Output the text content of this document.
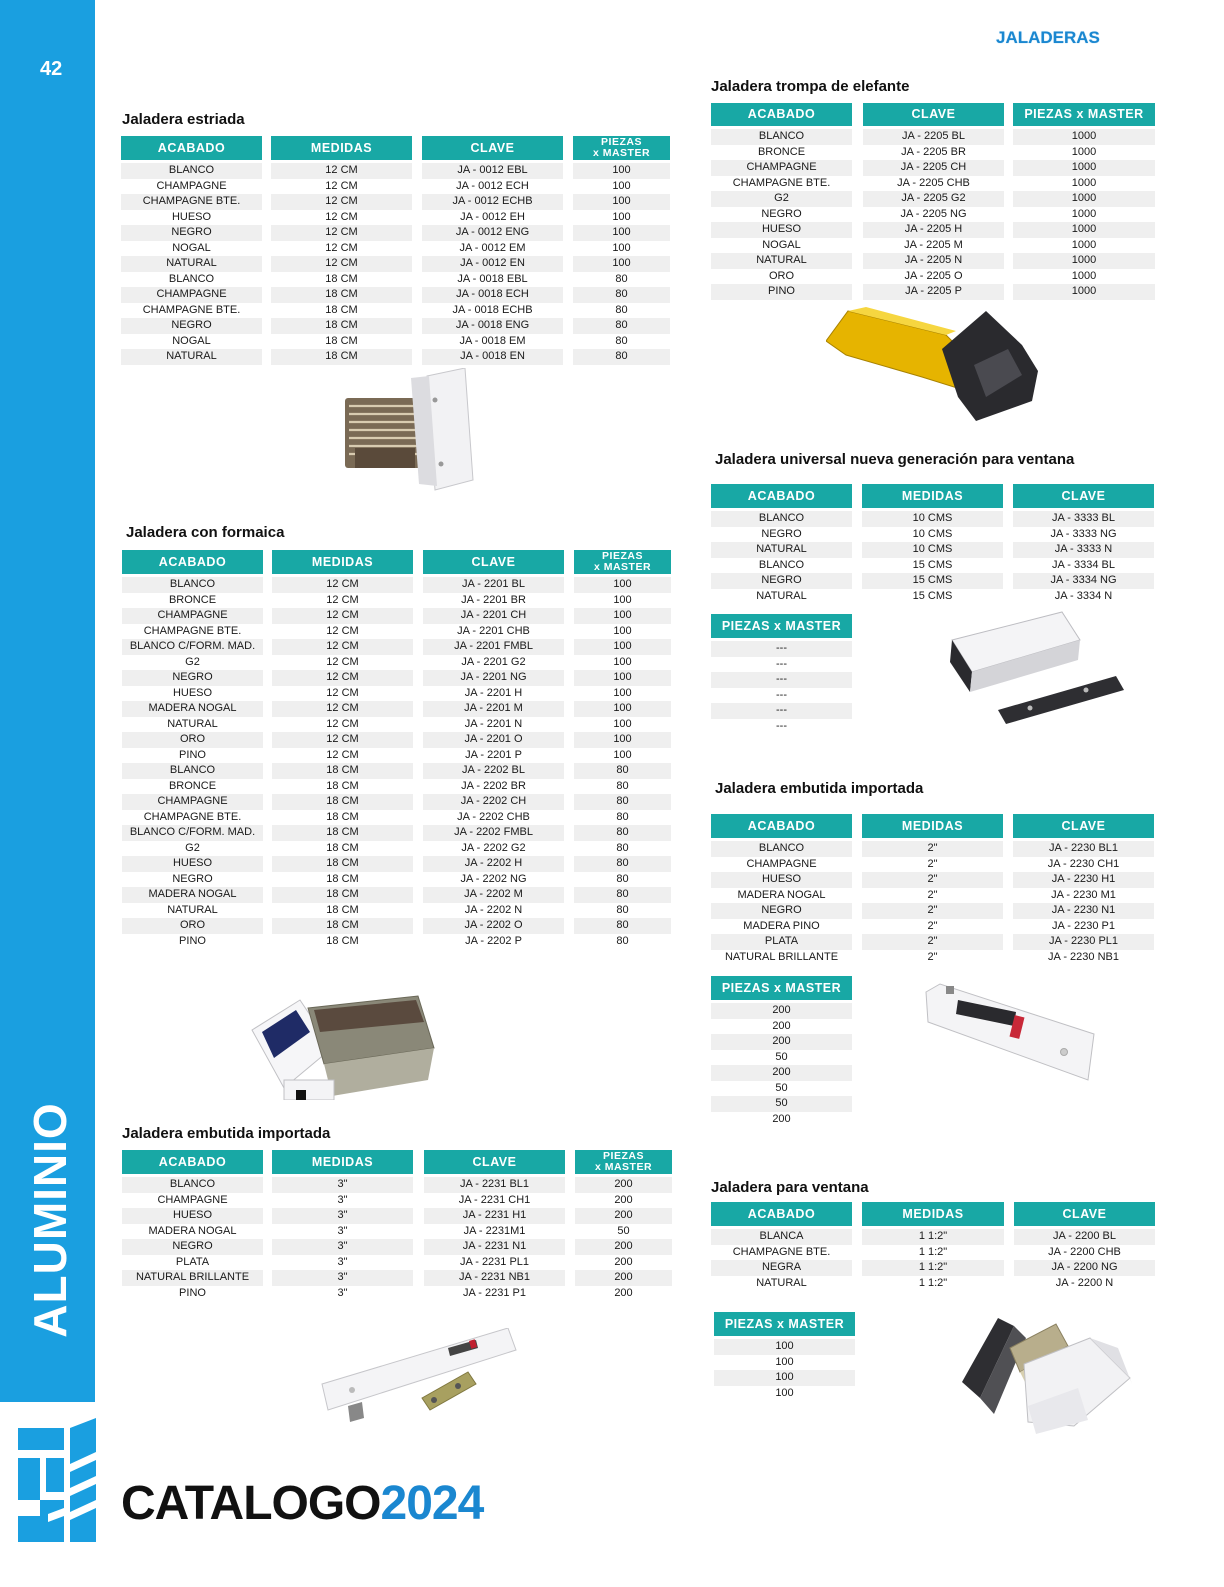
42
ALUMINIO
CATALOGO2024
JALADERAS
Jaladera estriada
ACABADO
BLANCO
CHAMPAGNE
CHAMPAGNE BTE.
HUESO
NEGRO
NOGAL
NATURAL
BLANCO
CHAMPAGNE
CHAMPAGNE BTE.
NEGRO
NOGAL
NATURAL
MEDIDAS
12 CM
12 CM
12 CM
12 CM
12 CM
12 CM
12 CM
18 CM
18 CM
18 CM
18 CM
18 CM
18 CM
CLAVE
JA - 0012 EBL
JA - 0012 ECH
JA - 0012 ECHB
JA - 0012 EH
JA - 0012 ENG
JA - 0012 EM
JA - 0012 EN
JA - 0018 EBL
JA - 0018 ECH
JA - 0018 ECHB
JA - 0018 ENG
JA - 0018 EM
JA - 0018 EN
PIEZAS
x MASTER
100
100
100
100
100
100
100
80
80
80
80
80
80
Jaladera con formaica
ACABADO
BLANCO
BRONCE
CHAMPAGNE
CHAMPAGNE BTE.
BLANCO C/FORM. MAD.
G2
NEGRO
HUESO
MADERA NOGAL
NATURAL
ORO
PINO
BLANCO
BRONCE
CHAMPAGNE
CHAMPAGNE BTE.
BLANCO C/FORM. MAD.
G2
HUESO
NEGRO
MADERA NOGAL
NATURAL
ORO
PINO
MEDIDAS
12 CM
12 CM
12 CM
12 CM
12 CM
12 CM
12 CM
12 CM
12 CM
12 CM
12 CM
12 CM
18 CM
18 CM
18 CM
18 CM
18 CM
18 CM
18 CM
18 CM
18 CM
18 CM
18 CM
18 CM
CLAVE
JA - 2201 BL
JA - 2201 BR
JA - 2201 CH
JA - 2201 CHB
JA - 2201 FMBL
JA - 2201 G2
JA - 2201 NG
JA - 2201 H
JA - 2201 M
JA - 2201 N
JA - 2201 O
JA - 2201 P
JA - 2202 BL
JA - 2202 BR
JA - 2202 CH
JA - 2202 CHB
JA - 2202 FMBL
JA - 2202 G2
JA - 2202 H
JA - 2202 NG
JA - 2202 M
JA - 2202 N
JA - 2202 O
JA - 2202 P
PIEZAS
x MASTER
100
100
100
100
100
100
100
100
100
100
100
100
80
80
80
80
80
80
80
80
80
80
80
80
Jaladera embutida importada
ACABADO
BLANCO
CHAMPAGNE
HUESO
MADERA NOGAL
NEGRO
PLATA
NATURAL BRILLANTE
PINO
MEDIDAS
3"
3"
3"
3"
3"
3"
3"
3"
CLAVE
JA - 2231 BL1
JA - 2231 CH1
JA - 2231 H1
JA - 2231M1
JA - 2231 N1
JA - 2231 PL1
JA - 2231 NB1
JA - 2231 P1
PIEZAS
x MASTER
200
200
200
50
200
200
200
200
Jaladera trompa de elefante
ACABADO
BLANCO
BRONCE
CHAMPAGNE
CHAMPAGNE BTE.
G2
NEGRO
HUESO
NOGAL
NATURAL
ORO
PINO
CLAVE
JA - 2205 BL
JA - 2205 BR
JA - 2205 CH
JA - 2205 CHB
JA - 2205 G2
JA - 2205 NG
JA - 2205 H
JA - 2205 M
JA - 2205 N
JA - 2205 O
JA - 2205 P
PIEZAS x MASTER
1000
1000
1000
1000
1000
1000
1000
1000
1000
1000
1000
Jaladera universal nueva generación para ventana
ACABADO
BLANCO
NEGRO
NATURAL
BLANCO
NEGRO
NATURAL
MEDIDAS
10 CMS
10 CMS
10 CMS
15 CMS
15 CMS
15 CMS
CLAVE
JA - 3333 BL
JA - 3333 NG
JA - 3333 N
JA - 3334 BL
JA - 3334 NG
JA - 3334 N
PIEZAS x MASTER
---
---
---
---
---
---
Jaladera embutida importada
ACABADO
BLANCO
CHAMPAGNE
HUESO
MADERA NOGAL
NEGRO
MADERA PINO
PLATA
NATURAL BRILLANTE
MEDIDAS
2"
2"
2"
2"
2"
2"
2"
2"
CLAVE
JA - 2230 BL1
JA - 2230 CH1
JA - 2230 H1
JA - 2230 M1
JA - 2230 N1
JA - 2230 P1
JA - 2230 PL1
JA - 2230 NB1
PIEZAS x MASTER
200
200
200
50
200
50
50
200
Jaladera para ventana
ACABADO
BLANCA
CHAMPAGNE BTE.
NEGRA
NATURAL
MEDIDAS
1 1:2"
1 1:2"
1 1:2"
1 1:2"
CLAVE
JA - 2200 BL
JA - 2200 CHB
JA - 2200 NG
JA - 2200 N
PIEZAS x MASTER
100
100
100
100
